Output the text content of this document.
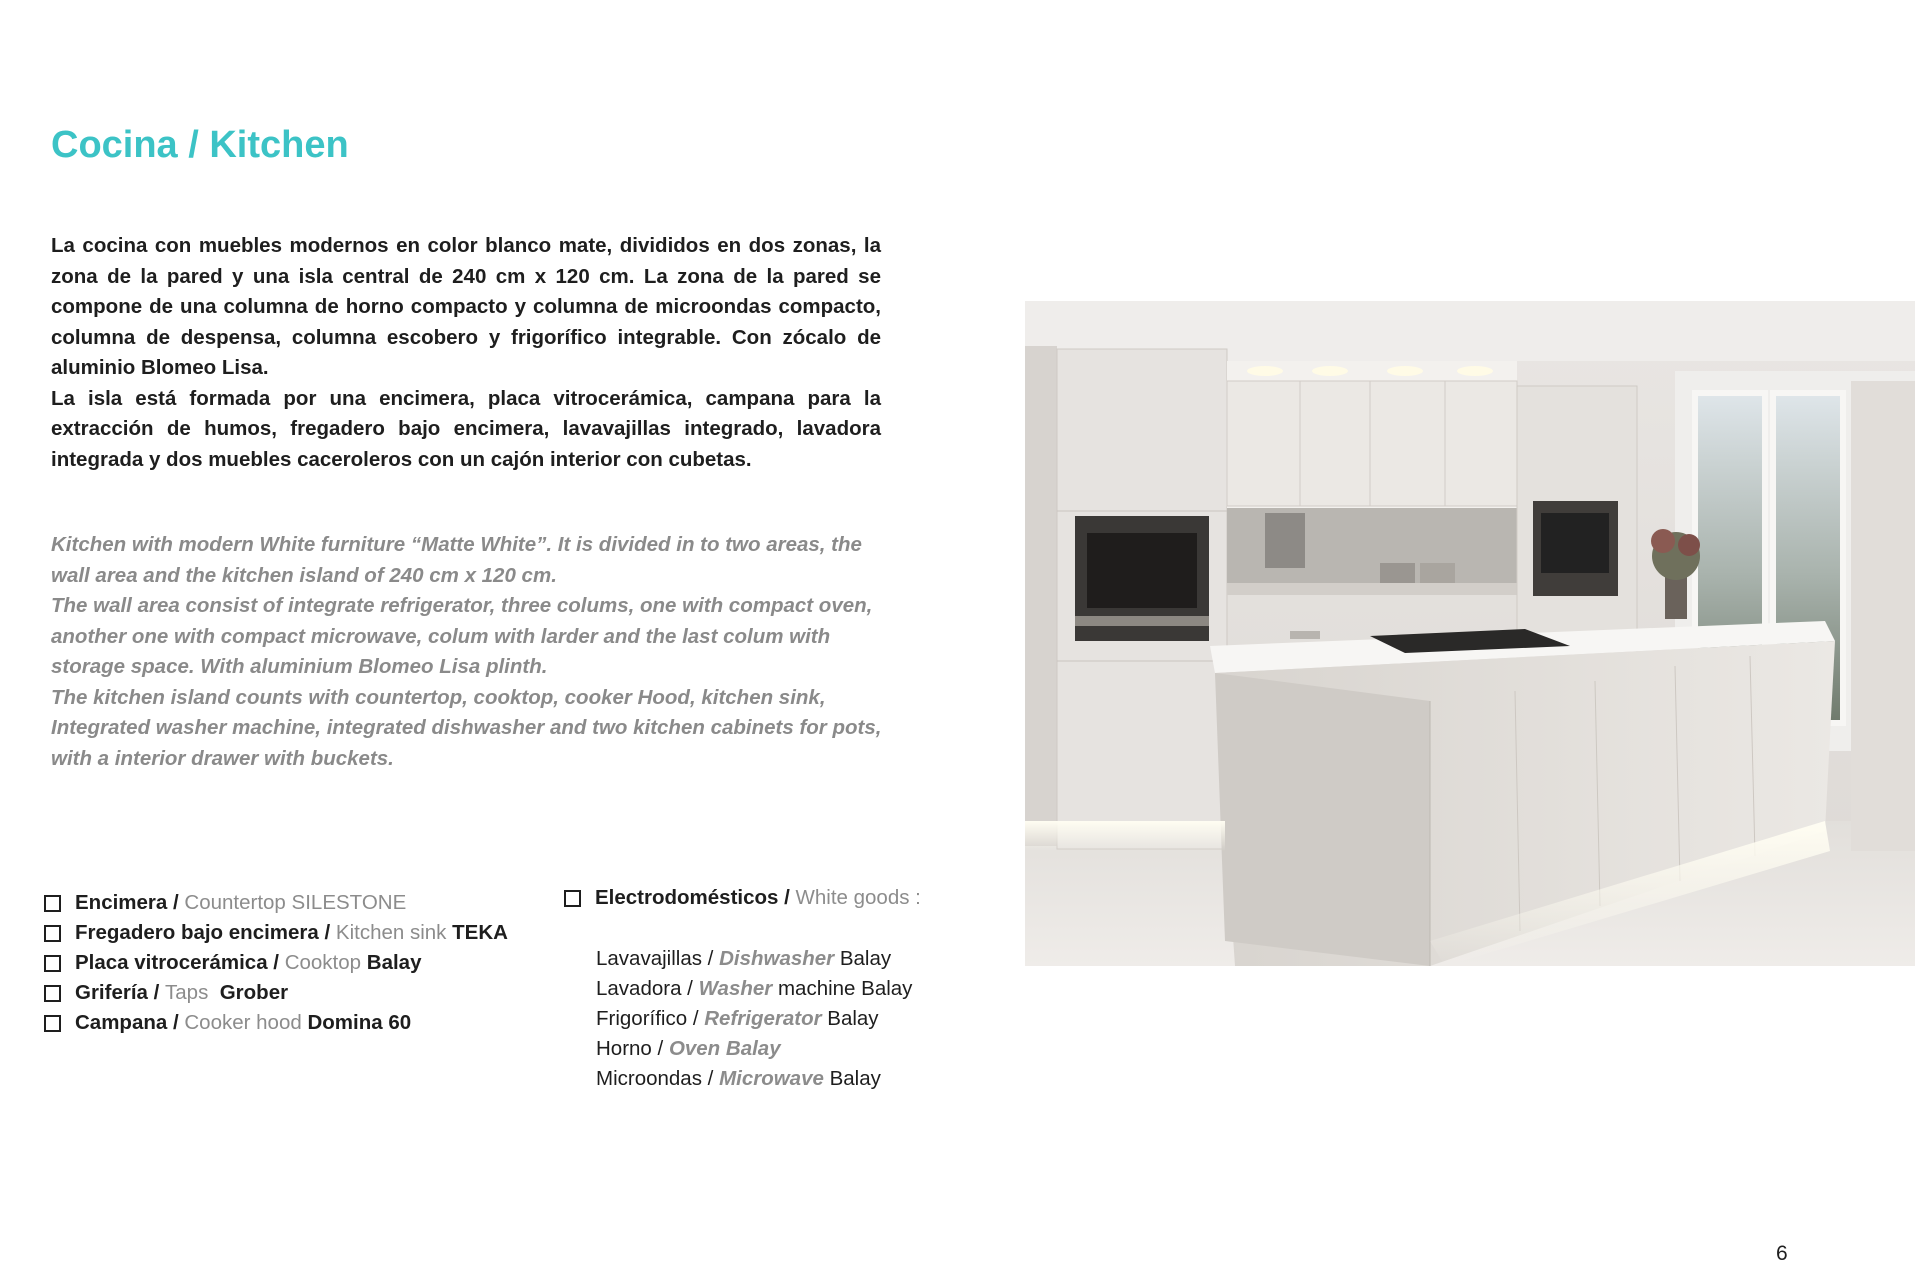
Cocina / Kitchen

La cocina con muebles modernos en color blanco mate, divididos en dos zonas, la zona de la pared y una isla central de 240 cm x 120 cm. La zona de la pared se compone de una columna de horno compacto y columna de microondas compacto, columna de despensa, columna escobero y frigorífico integrable. Con zócalo de aluminio Blomeo Lisa.

La isla está formada por una encimera, placa vitrocerámica, campana para la extracción de humos, fregadero bajo encimera, lavavajillas integrado, lavadora integrada y dos muebles caceroleros con un cajón interior con cubetas.

Kitchen with modern White furniture “Matte White”. It is divided in to two areas, the wall area and the kitchen island of 240 cm x 120 cm.

The wall area consist of integrate refrigerator, three colums, one with compact oven, another one with compact microwave, colum with larder and the last colum with storage space. With aluminium Blomeo Lisa plinth.

The kitchen island counts with countertop, cooktop, cooker Hood, kitchen sink, Integrated washer machine, integrated dishwasher and two kitchen cabinets for pots, with a interior drawer with buckets.

Encimera /
Countertop
SILESTONE
Fregadero bajo encimera /
Kitchen sink
TEKA
Placa vitrocerámica /
Cooktop
Balay
Grifería /
Taps
Grober
Campana /
Cooker hood
Domina 60
Electrodomésticos /
White goods :
Lavavajillas / Dishwasher Balay
Lavadora / Washer machine Balay
Frigorífico / Refrigerator Balay
Horno / Oven Balay
Microondas / Microwave Balay
6
